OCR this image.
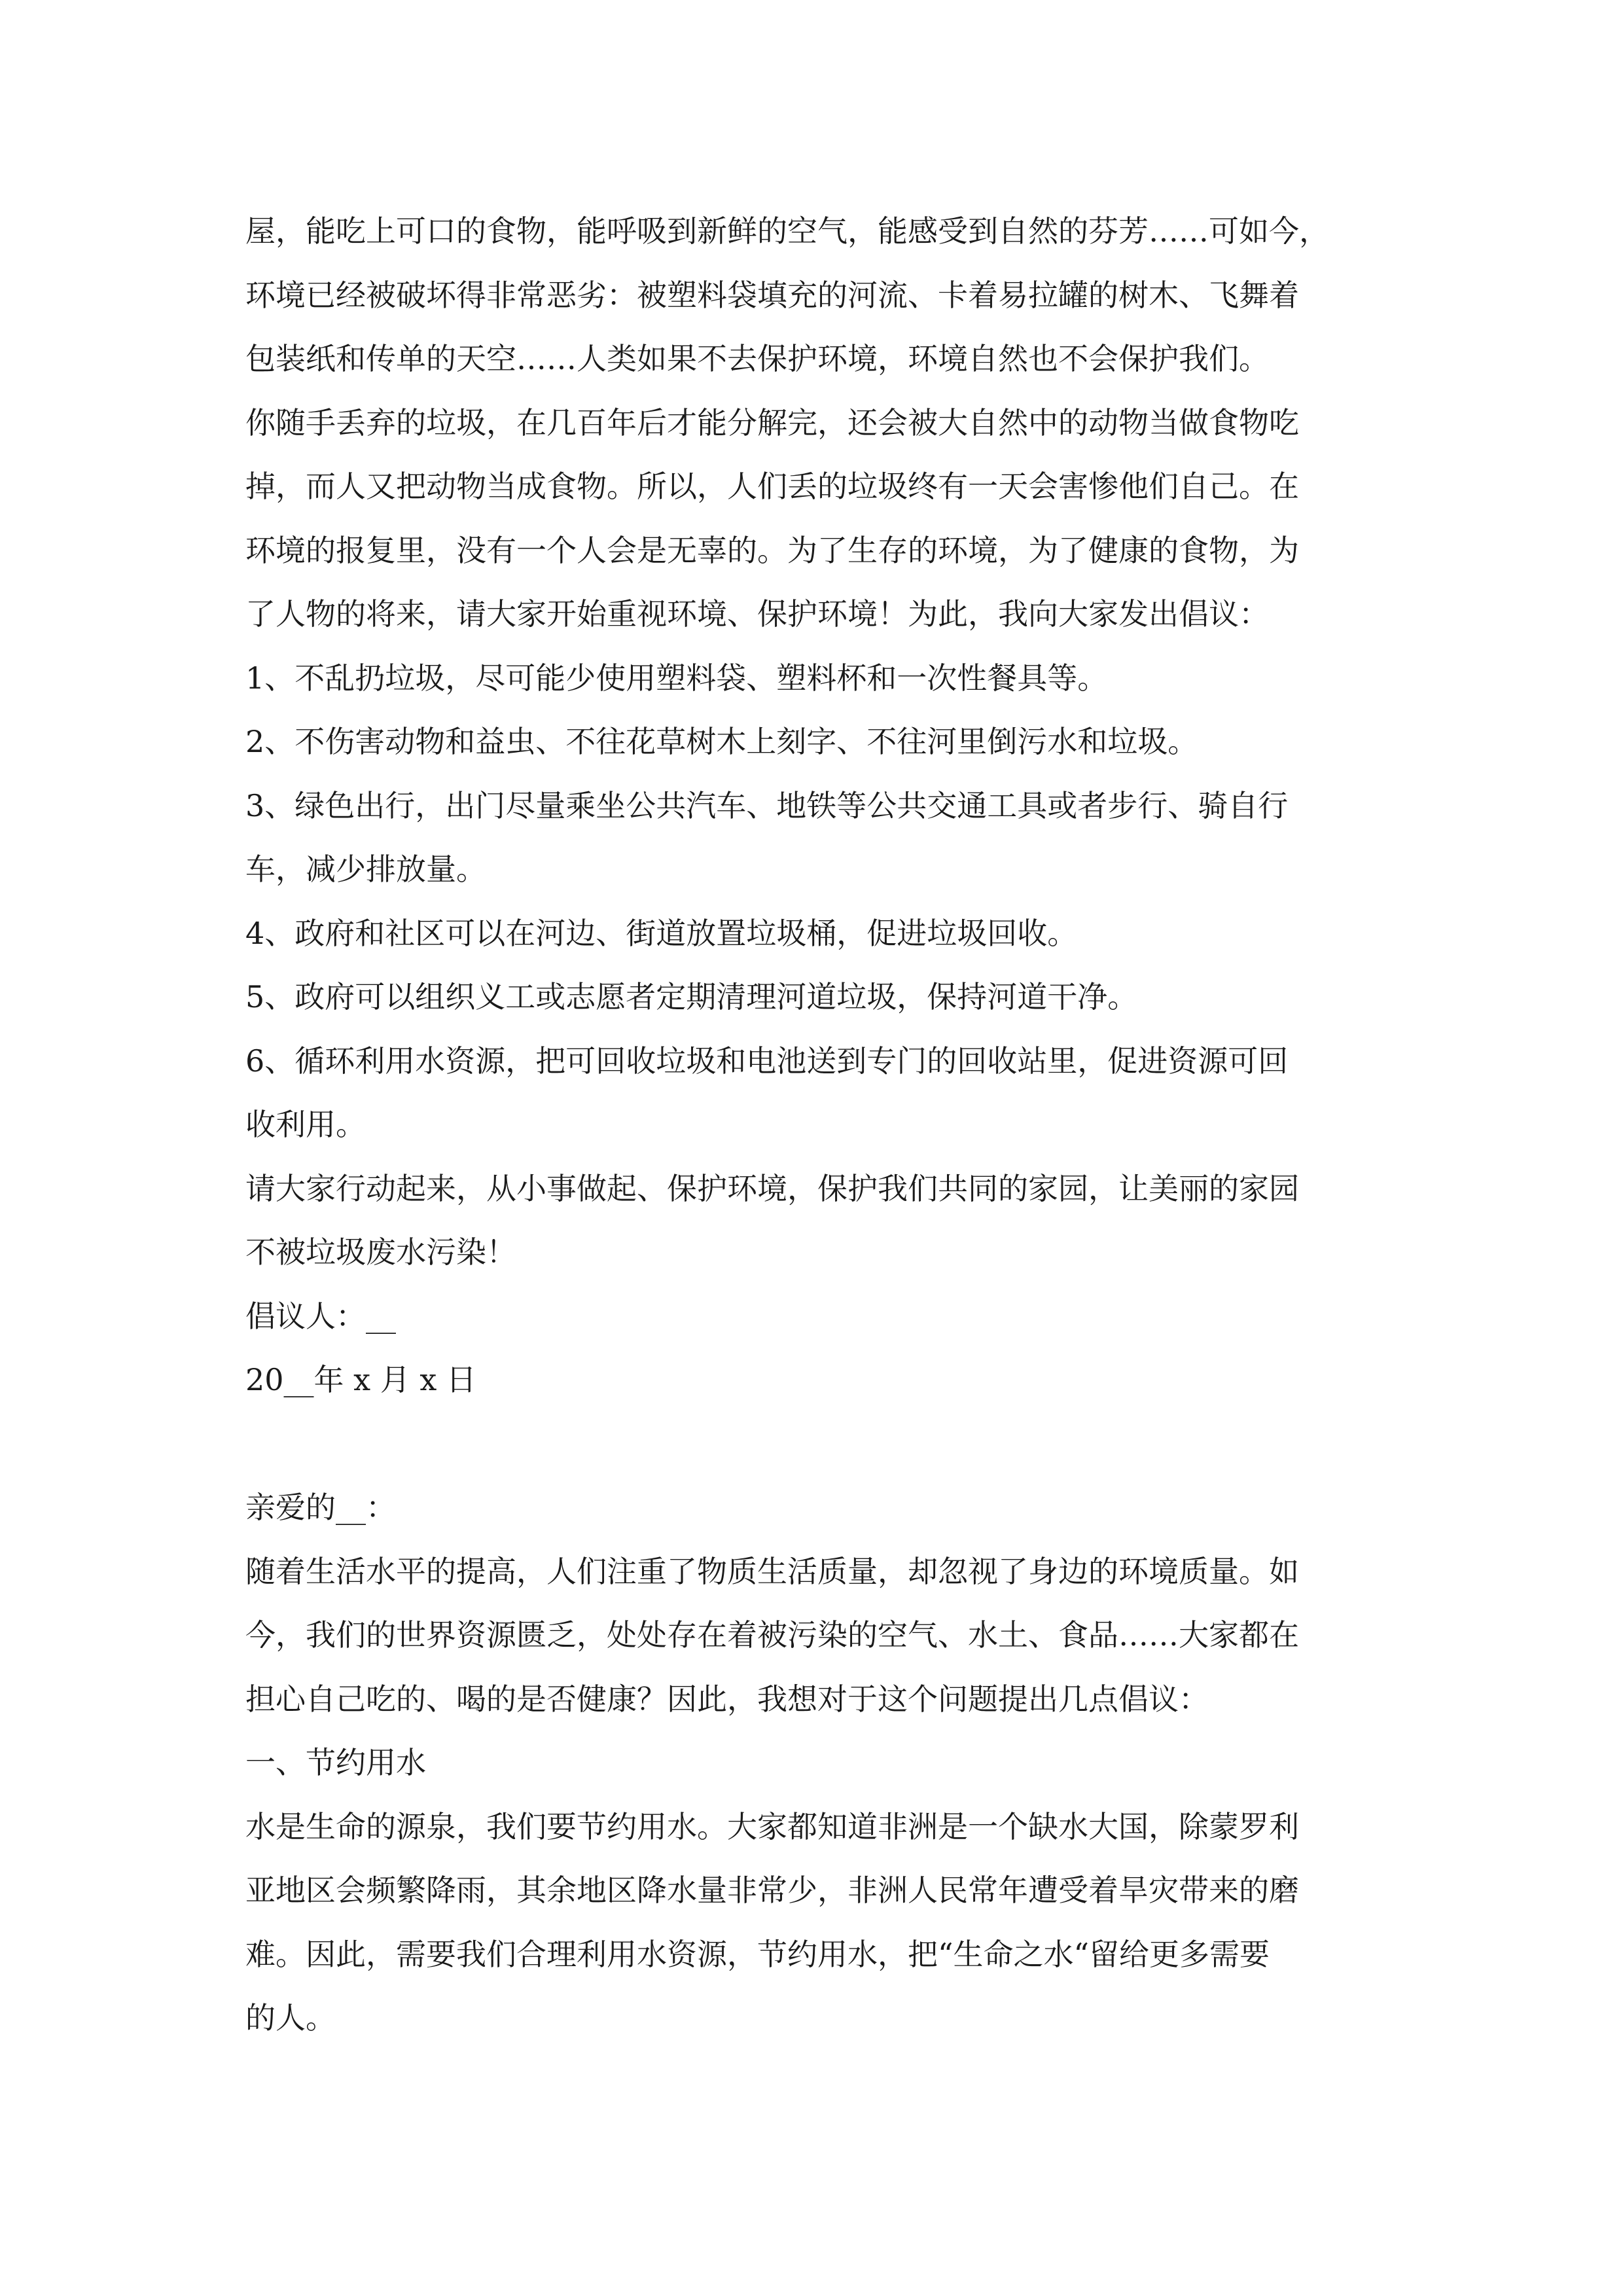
屋，能吃上可口的食物，能呼吸到新鲜的空气，能感受到自然的芬芳……可如今，

环境已经被破坏得非常恶劣：被塑料袋填充的河流、卡着易拉罐的树木、飞舞着

包装纸和传单的天空……人类如果不去保护环境，环境自然也不会保护我们。

你随手丢弃的垃圾，在几百年后才能分解完，还会被大自然中的动物当做食物吃

掉，而人又把动物当成食物。所以，人们丢的垃圾终有一天会害惨他们自己。在

环境的报复里，没有一个人会是无辜的。为了生存的环境，为了健康的食物，为

了人物的将来，请大家开始重视环境、保护环境！为此，我向大家发出倡议：

1、不乱扔垃圾，尽可能少使用塑料袋、塑料杯和一次性餐具等。

2、不伤害动物和益虫、不往花草树木上刻字、不往河里倒污水和垃圾。

3、绿色出行，出门尽量乘坐公共汽车、地铁等公共交通工具或者步行、骑自行

车，减少排放量。

4、政府和社区可以在河边、街道放置垃圾桶，促进垃圾回收。

5、政府可以组织义工或志愿者定期清理河道垃圾，保持河道干净。

6、循环利用水资源，把可回收垃圾和电池送到专门的回收站里，促进资源可回

收利用。

请大家行动起来，从小事做起、保护环境，保护我们共同的家园，让美丽的家园

不被垃圾废水污染！

倡议人：__

20__年 x 月 x 日

亲爱的__：

随着生活水平的提高，人们注重了物质生活质量，却忽视了身边的环境质量。如

今，我们的世界资源匮乏，处处存在着被污染的空气、水土、食品……大家都在

担心自己吃的、喝的是否健康？因此，我想对于这个问题提出几点倡议：

一、节约用水

水是生命的源泉，我们要节约用水。大家都知道非洲是一个缺水大国，除蒙罗利

亚地区会频繁降雨，其余地区降水量非常少，非洲人民常年遭受着旱灾带来的磨

难。因此，需要我们合理利用水资源，节约用水，把“生命之水“留给更多需要

的人。
